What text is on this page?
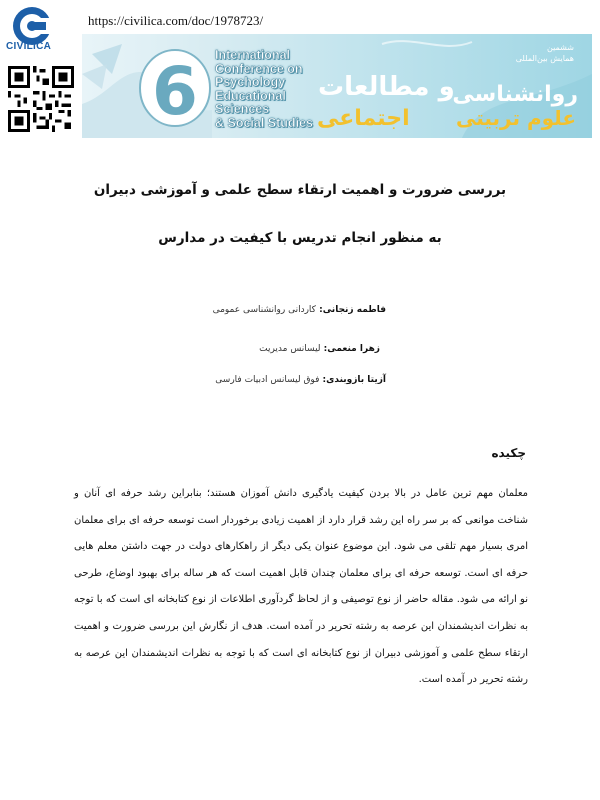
CIVILICA
https://civilica.com/doc/1978723/
6 International
Conference on
Psychology
Educational
Sciences
& Social Studies
ششمین
همایش بین‌المللی
و مطالعات
اجتماعی
روانشناسی
علوم تربیتی
بررسی ضرورت و اهمیت ارتقاء سطح علمی و آموزشی دبیران
به منظور انجام تدریس با کیفیت در مدارس
فاطمه زنجانی: کاردانی روانشناسی عمومی
زهرا منعمی: لیسانس مدیریت
آزیتا بازوبندی: فوق لیسانس ادبیات فارسی
چکیده
معلمان مهم ترین عامل در بالا بردن کیفیت یادگیری دانش آموزان هستند؛ بنابراین رشد حرفه ای آنان و شناخت موانعی که بر سر راه این رشد قرار دارد از اهمیت زیادی برخوردار است توسعه حرفه ای برای معلمان امری بسیار مهم تلقی می شود. این موضوع عنوان یکی دیگر از راهکارهای دولت در جهت داشتن معلم هایی حرفه ای است. توسعه حرفه ای برای معلمان چندان قابل اهمیت است که هر ساله برای بهبود اوضاع، طرحی نو ارائه می شود. مقاله حاضر از نوع توصیفی و از لحاظ گردآوری اطلاعات از نوع کتابخانه ای است که با توجه به نظرات اندیشمندان این عرصه به رشته تحریر در آمده است. هدف از نگارش این بررسی ضرورت و اهمیت ارتقاء سطح علمی و آموزشی دبیران از نوع کتابخانه ای است که با توجه به نظرات اندیشمندان این عرصه به رشته تحریر در آمده است.
